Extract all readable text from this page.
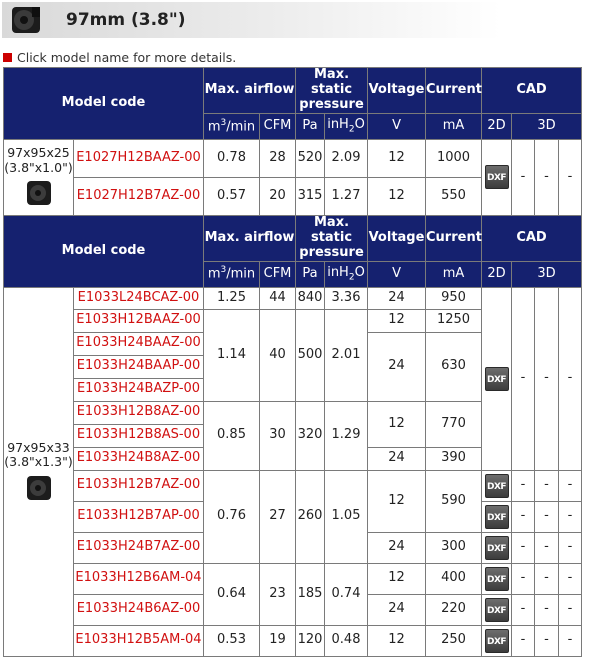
97mm (3.8")
Click model name for more details.
Model code		Max. airflow		Max. static pressure		Voltage	Current	CAD			
		$m^3/\min$	CFM	Pa	inH$_2$O	V	mA	2D	3D		

97x95x25
(3.8"x1.0")	E1027H12BAAZ-00	0.78	28	520	2.09	12	1000	DXF	-	-	-
	E1027H12B7AZ-00	0.57	20	315	1.27	12	550				
Model code		Max. airflow		Max. static pressure		Voltage	Current	CAD			
		$m^3/\min$	CFM	Pa	inH$_2$O	V	mA	2D	3D		

97x95x33
(3.8"x1.3")	E1033L24BCAZ-00	1.25	44	840	3.36	24	950	DXF	-	-	-
	E1033H12BAAZ-00	1.14	40	500	2.01	12	1250				
	E1033H24BAAZ-00					24	630				
	E1033H24BAAP-00										
	E1033H24BAZP-00										
	E1033H12B8AZ-00	0.85	30	320	1.29	12	770				
	E1033H12B8AS-00										
	E1033H24B8AZ-00					24	390				
	E1033H12B7AZ-00	0.76	27	260	1.05	12	590	DXF	-	-	-
	E1033H12B7AP-00							DXF	-	-	-
	E1033H24B7AZ-00					24	300	DXF	-	-	-
	E1033H12B6AM-04	0.64	23	185	0.74	12	400	DXF	-	-	-
	E1033H24B6AZ-00					24	220	DXF	-	-	-
	E1033H12B5AM-04	0.53	19	120	0.48	12	250	DXF	-	-	-
